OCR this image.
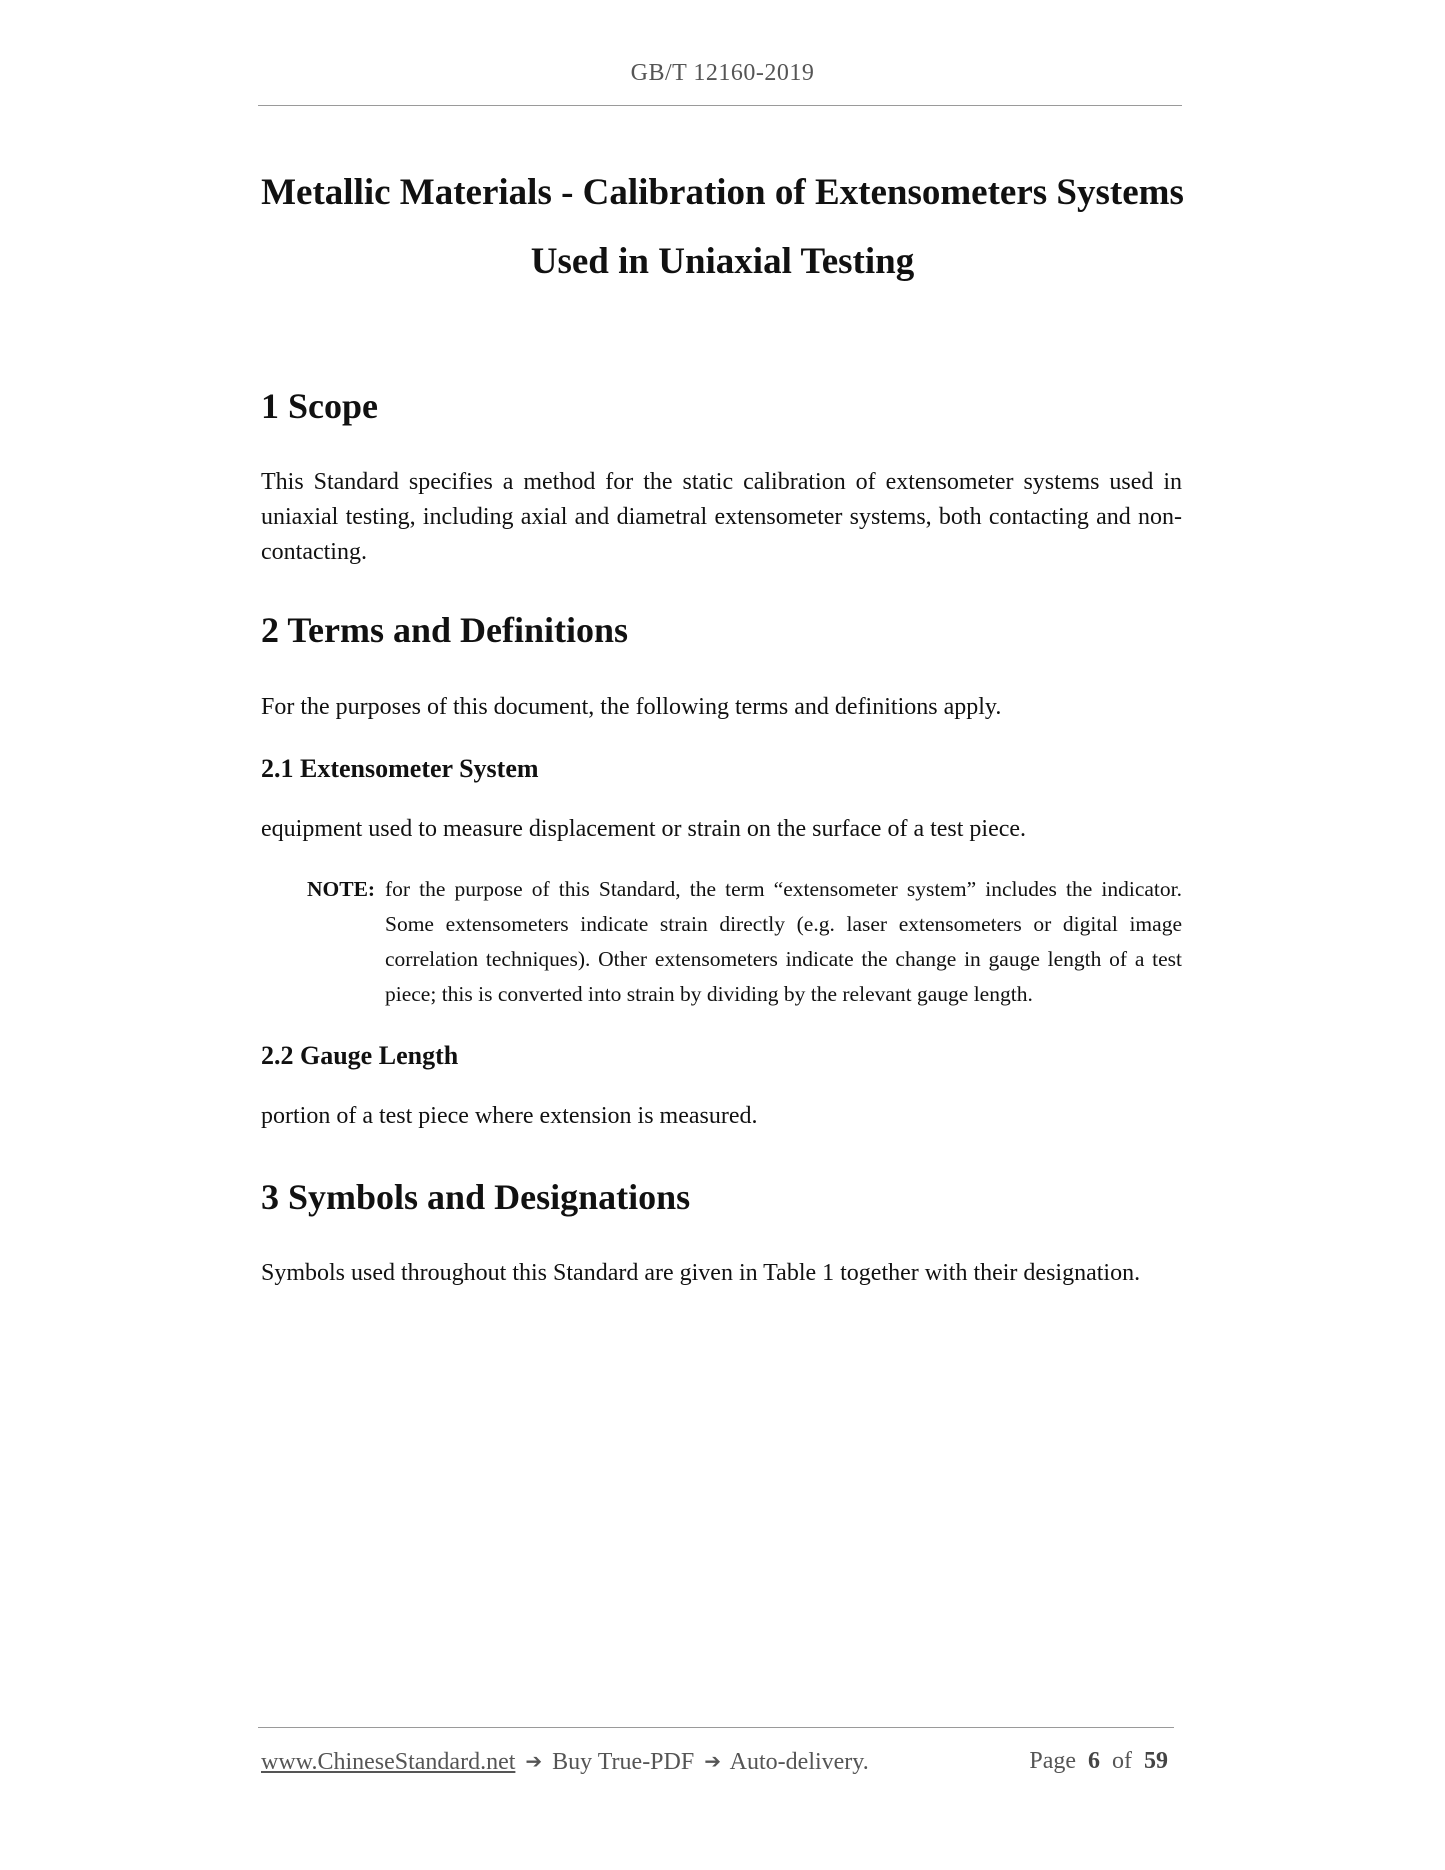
GB/T 12160-2019
Metallic Materials - Calibration of Extensometers Systems
Used in Uniaxial Testing
1 Scope

This Standard specifies a method for the static calibration of extensometer systems used in uniaxial testing, including axial and diametral extensometer systems, both contacting and non-contacting.

2 Terms and Definitions

For the purposes of this document, the following terms and definitions apply.

2.1 Extensometer System

equipment used to measure displacement or strain on the surface of a test piece.

NOTE: for the purpose of this Standard, the term “extensometer system” includes the indicator. Some extensometers indicate strain directly (e.g. laser extensometers or digital image correlation techniques). Other extensometers indicate the change in gauge length of a test piece; this is converted into strain by dividing by the relevant gauge length.

2.2 Gauge Length

portion of a test piece where extension is measured.

3 Symbols and Designations

Symbols used throughout this Standard are given in Table 1 together with their designation.

www.ChineseStandard.net ➔ Buy True-PDF ➔ Auto-delivery.	Page 6 of 59
